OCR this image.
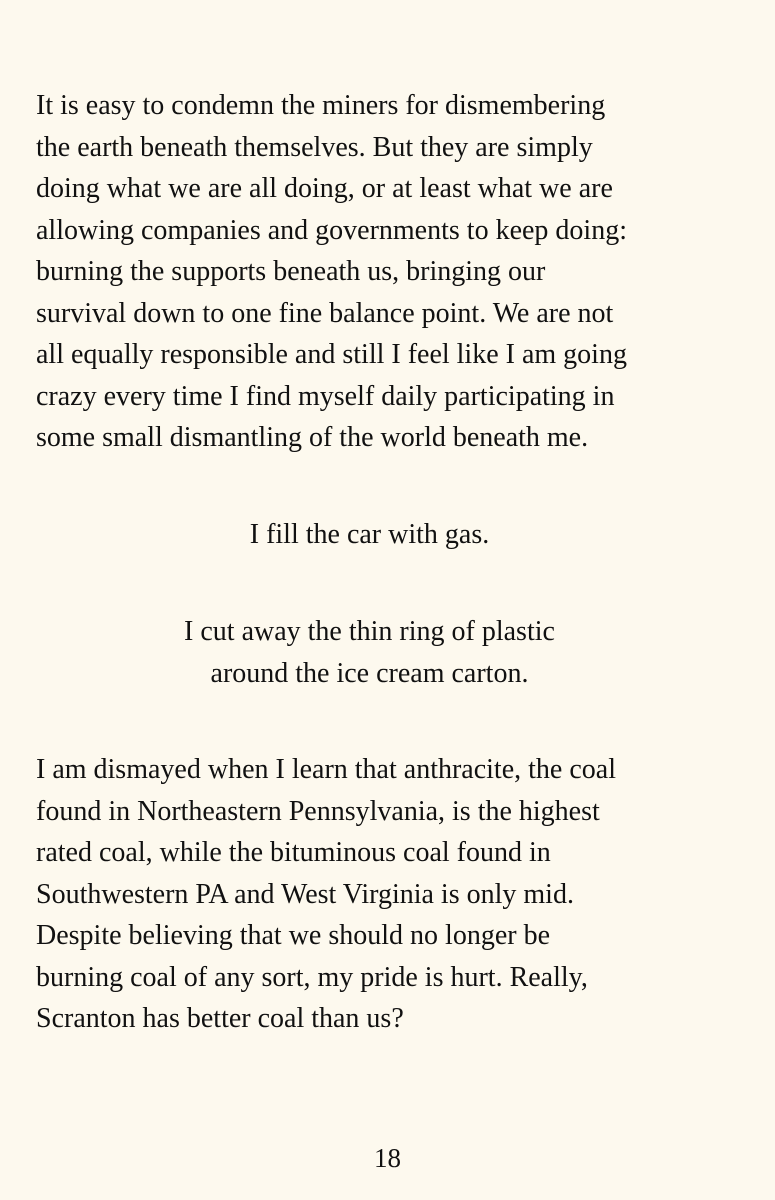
It is easy to condemn the miners for dismembering
the earth beneath themselves. But they are simply
doing what we are all doing, or at least what we are
allowing companies and governments to keep doing:
burning the supports beneath us, bringing our
survival down to one fine balance point. We are not
all equally responsible and still I feel like I am going
crazy every time I find myself daily participating in
some small dismantling of the world beneath me.

I fill the car with gas.

I cut away the thin ring of plastic
around the ice cream carton.

I am dismayed when I learn that anthracite, the coal
found in Northeastern Pennsylvania, is the highest
rated coal, while the bituminous coal found in
Southwestern PA and West Virginia is only mid.
Despite believing that we should no longer be
burning coal of any sort, my pride is hurt. Really,
Scranton has better coal than us?

18
